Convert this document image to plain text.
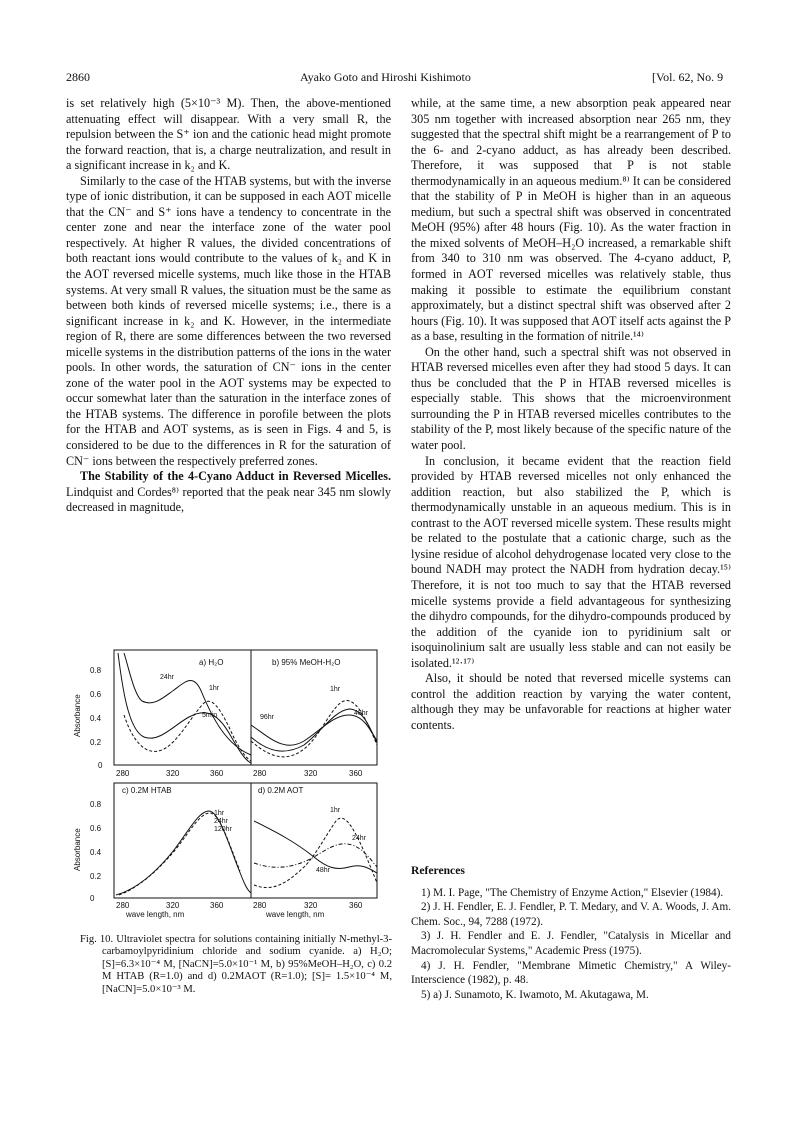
2860	Ayako Goto and Hiroshi Kishimoto	[Vol. 62, No. 9

is set relatively high (5×10⁻³ M). Then, the above-mentioned attenuating effect will disappear. With a very small R, the repulsion between the S⁺ ion and the cationic head might promote the forward reaction, that is, a charge neutralization, and result in a significant increase in k₂ and K.

Similarly to the case of the HTAB systems, but with the inverse type of ionic distribution, it can be supposed in each AOT micelle that the CN⁻ and S⁺ ions have a tendency to concentrate in the center zone and near the interface zone of the water pool respectively. At higher R values, the divided concentrations of both reactant ions would contribute to the values of k₂ and K in the AOT reversed micelle systems, much like those in the HTAB systems. At very small R values, the situation must be the same as between both kinds of reversed micelle systems; i.e., there is a significant increase in k₂ and K. However, in the intermediate region of R, there are some differences between the two reversed micelle systems in the distribution patterns of the ions in the water pools. In other words, the saturation of CN⁻ ions in the center zone of the water pool in the AOT systems may be expected to occur somewhat later than the saturation in the interface zones of the HTAB systems. The difference in porofile between the plots for the HTAB and AOT systems, as is seen in Figs. 4 and 5, is considered to be due to the differences in R for the saturation of CN⁻ ions between the respectively preferred zones.

The Stability of the 4-Cyano Adduct in Reversed Micelles. Lindquist and Cordes⁸⁾ reported that the peak near 345 nm slowly decreased in magnitude,

while, at the same time, a new absorption peak appeared near 305 nm together with increased absorption near 265 nm, they suggested that the spectral shift might be a rearrangement of P to the 6- and 2-cyano adduct, as has already been described. Therefore, it was supposed that P is not stable thermodynamically in an aqueous medium.⁸⁾ It can be considered that the stability of P in MeOH is higher than in an aqueous medium, but such a spectral shift was observed in concentrated MeOH (95%) after 48 hours (Fig. 10). As the water fraction in the mixed solvents of MeOH–H₂O increased, a remarkable shift from 340 to 310 nm was observed. The 4-cyano adduct, P, formed in AOT reversed micelles was relatively stable, thus making it possible to estimate the equilibrium constant approximately, but a distinct spectral shift was observed after 2 hours (Fig. 10). It was supposed that AOT itself acts against the P as a base, resulting in the formation of nitrile.¹⁴⁾

On the other hand, such a spectral shift was not observed in HTAB reversed micelles even after they had stood 5 days. It can thus be concluded that the P in HTAB reversed micelles is especially stable. This shows that the microenvironment surrounding the P in HTAB reversed micelles contributes to the stability of the P, most likely because of the specific nature of the water pool.

In conclusion, it became evident that the reaction field provided by HTAB reversed micelles not only enhanced the addition reaction, but also stabilized the P, which is thermodynamically unstable in an aqueous medium. This is in contrast to the AOT reversed micelle system. These results might be related to the postulate that a cationic charge, such as the lysine residue of alcohol dehydrogenase located very close to the bound NADH may protect the NADH from hydration decay.¹⁵⁾ Therefore, it is not too much to say that the HTAB reversed micelle systems provide a field advantageous for synthesizing the dihydro compounds, for the dihydro-compounds produced by the addition of the cyanide ion to pyridinium salt or isoquinolinium salt are usually less stable and can not easily be isolated.¹²·¹⁷⁾

Also, it should be noted that reversed micelle systems can control the addition reaction by varying the water content, although they may be unfavorable for reactions at higher water contents.

References

1) M. I. Page, "The Chemistry of Enzyme Action," Elsevier (1984).

2) J. H. Fendler, E. J. Fendler, P. T. Medary, and V. A. Woods, J. Am. Chem. Soc., 94, 7288 (1972).

3) J. H. Fendler and E. J. Fendler, "Catalysis in Micellar and Macromolecular Systems," Academic Press (1975).

4) J. H. Fendler, "Membrane Mimetic Chemistry," A Wiley-Interscience (1982), p. 48.

5) a) J. Sunamoto, K. Iwamoto, M. Akutagawa, M.

0.8
0.6
0.4
0.2
0
0.8
0.6
0.4
0.2
0
280	320	360	280	320	360
280	320	360	280	320	360
Absorbance
Absorbance
wave length, nm	wave length, nm
a) H₂O	b) 95% MeOH-H₂O
c) 0.2M HTAB	d) 0.2M AOT
24hr
1hr
5min
1hr
96hr
48hr
1hr
24hr
120hr
1hr
24hr
48hr
Fig. 10. Ultraviolet spectra for solutions containing initially N-methyl-3-carbamoylpyridinium chloride and sodium cyanide. a) H₂O; [S]=6.3×10⁻⁴ M, [NaCN]=5.0×10⁻¹ M, b) 95%MeOH–H₂O, c) 0.2 M HTAB (R=1.0) and d) 0.2MAOT (R=1.0); [S]= 1.5×10⁻⁴ M, [NaCN]=5.0×10⁻³ M.
